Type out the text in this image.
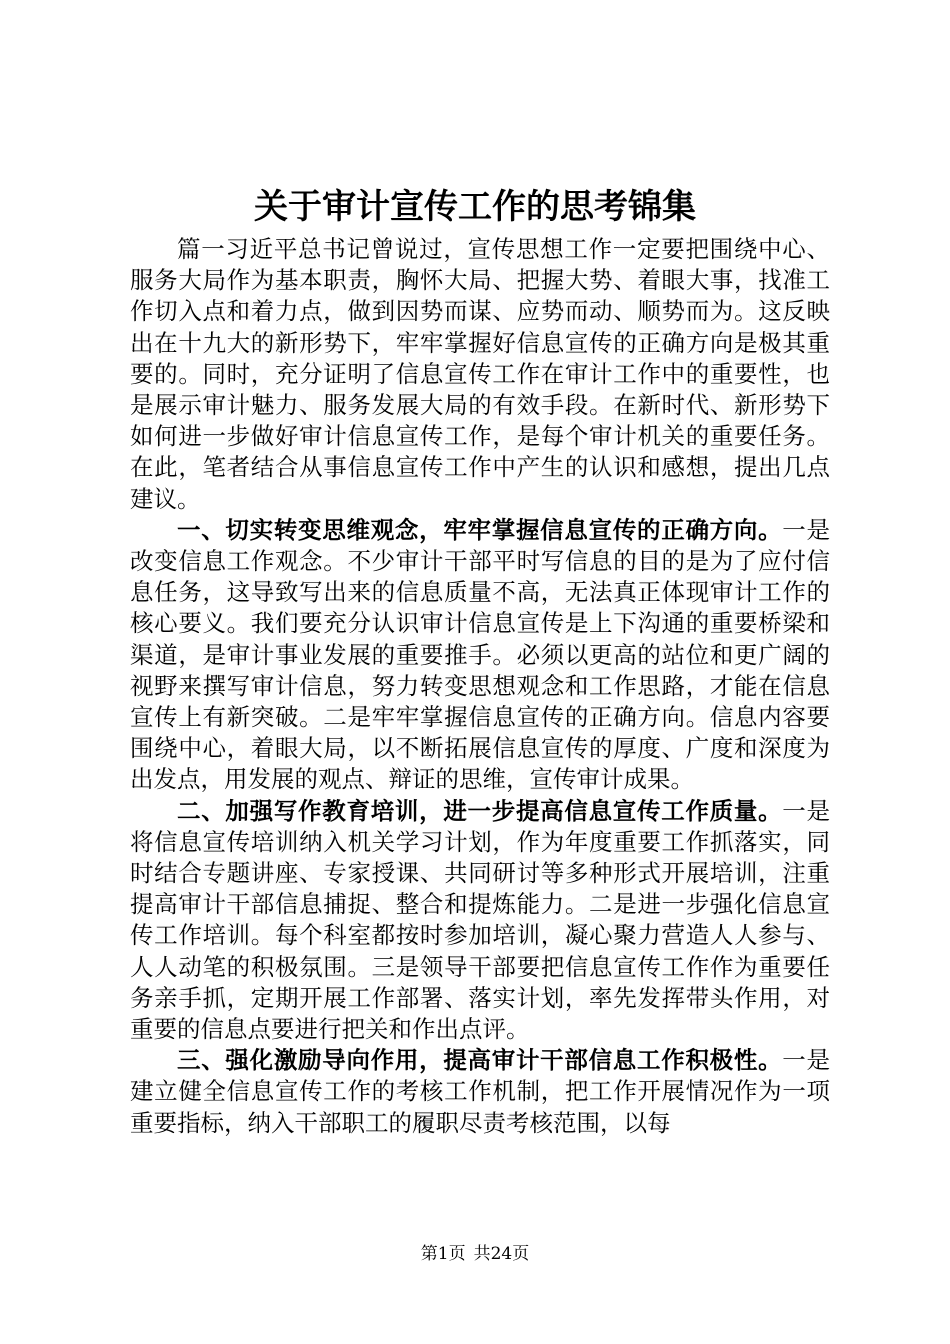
关于审计宣传工作的思考锦集

篇一习近平总书记曾说过，宣传思想工作一定要把围绕中心、服务大局作为基本职责，胸怀大局、把握大势、着眼大事，找准工作切入点和着力点，做到因势而谋、应势而动、顺势而为。这反映出在十九大的新形势下，牢牢掌握好信息宣传的正确方向是极其重要的。同时，充分证明了信息宣传工作在审计工作中的重要性，也是展示审计魅力、服务发展大局的有效手段。在新时代、新形势下如何进一步做好审计信息宣传工作，是每个审计机关的重要任务。在此，笔者结合从事信息宣传工作中产生的认识和感想，提出几点建议。

一、切实转变思维观念，牢牢掌握信息宣传的正确方向。一是改变信息工作观念。不少审计干部平时写信息的目的是为了应付信息任务，这导致写出来的信息质量不高，无法真正体现审计工作的核心要义。我们要充分认识审计信息宣传是上下沟通的重要桥梁和渠道，是审计事业发展的重要推手。必须以更高的站位和更广阔的视野来撰写审计信息，努力转变思想观念和工作思路，才能在信息宣传上有新突破。二是牢牢掌握信息宣传的正确方向。信息内容要围绕中心，着眼大局，以不断拓展信息宣传的厚度、广度和深度为出发点，用发展的观点、辩证的思维，宣传审计成果。

二、加强写作教育培训，进一步提高信息宣传工作质量。一是将信息宣传培训纳入机关学习计划，作为年度重要工作抓落实，同时结合专题讲座、专家授课、共同研讨等多种形式开展培训，注重提高审计干部信息捕捉、整合和提炼能力。二是进一步强化信息宣传工作培训。每个科室都按时参加培训，凝心聚力营造人人参与、人人动笔的积极氛围。三是领导干部要把信息宣传工作作为重要任务亲手抓，定期开展工作部署、落实计划，率先发挥带头作用，对重要的信息点要进行把关和作出点评。

三、强化激励导向作用，提高审计干部信息工作积极性。一是建立健全信息宣传工作的考核工作机制，把工作开展情况作为一项重要指标，纳入干部职工的履职尽责考核范围，以每

第1页 共24页
